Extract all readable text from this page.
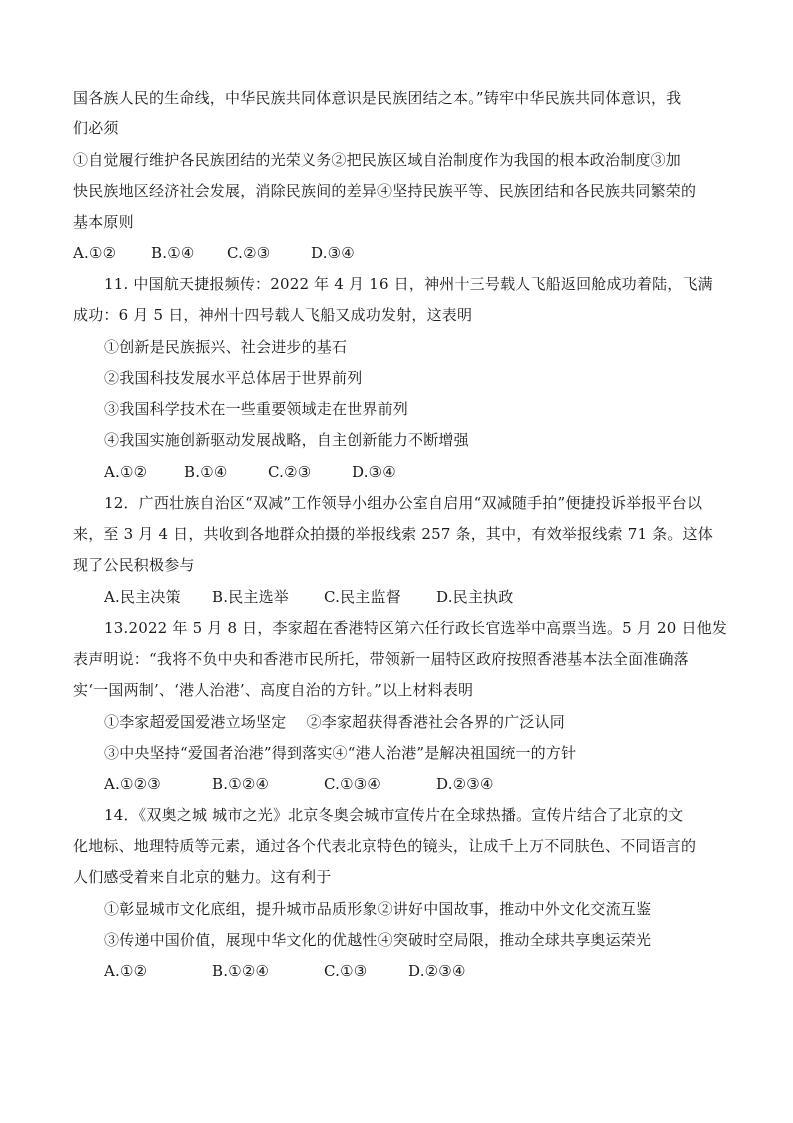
国各族人民的生命线，中华民族共同体意识是民族团结之本。”铸牢中华民族共同体意识，我
们必须
①自觉履行维护各民族团结的光荣义务②把民族区域自治制度作为我国的根本政治制度③加
快民族地区经济社会发展，消除民族间的差异④坚持民族平等、民族团结和各民族共同繁荣的
基本原则
A.①② B.①④ C.②③	D.③④
11. 中国航天捷报频传：2022 年 4 月 16 日，神州十三号载人飞船返回舱成功着陆，飞满
成功：6 月 5 日，神州十四号载人飞船又成功发射，这表明
①创新是民族振兴、社会进步的基石
②我国科技发展水平总体居于世界前列
③我国科学技术在一些重要领域走在世界前列
④我国实施创新驱动发展战略，自主创新能力不断增强
A.①② B.①④	C.②③	D.③④
12．广西壮族自治区“双减”工作领导小组办公室自启用“双减随手拍”便捷投诉举报平台以
来，至 3 月 4 日，共收到各地群众拍摄的举报线索 257 条，其中，有效举报线索 71 条。这体
现了公民积极参与
A.民主决策 B.民主选举 C.民主监督 D.民主执政
13.2022 年 5 月 8 日，李家超在香港特区第六任行政长官选举中高票当选。5 月 20 日他发
表声明说：“我将不负中央和香港市民所托，带领新一届特区政府按照香港基本法全面准确落
实‘一国两制’、‘港人治港’、高度自治的方针。”以上材料表明
①李家超爱国爱港立场坚定　 ②李家超获得香港社会各界的广泛认同
③中央坚持“爱国者治港”得到落实④“港人治港”是解决祖国统一的方针
A.①②③	B.①②④	C.①③④	D.②③④
14．《双奥之城 城市之光》北京冬奥会城市宣传片在全球热播。宣传片结合了北京的文
化地标、地理特质等元素，通过各个代表北京特色的镜头，让成千上万不同肤色、不同语言的
人们感受着来自北京的魅力。这有利于
①彰显城市文化底组，提升城市品质形象②讲好中国故事，推动中外文化交流互鉴
③传递中国价值，展现中华文化的优越性④突破时空局限，推动全球共享奥运荣光
A.①②	B.①②④	C.①③	D.②③④
